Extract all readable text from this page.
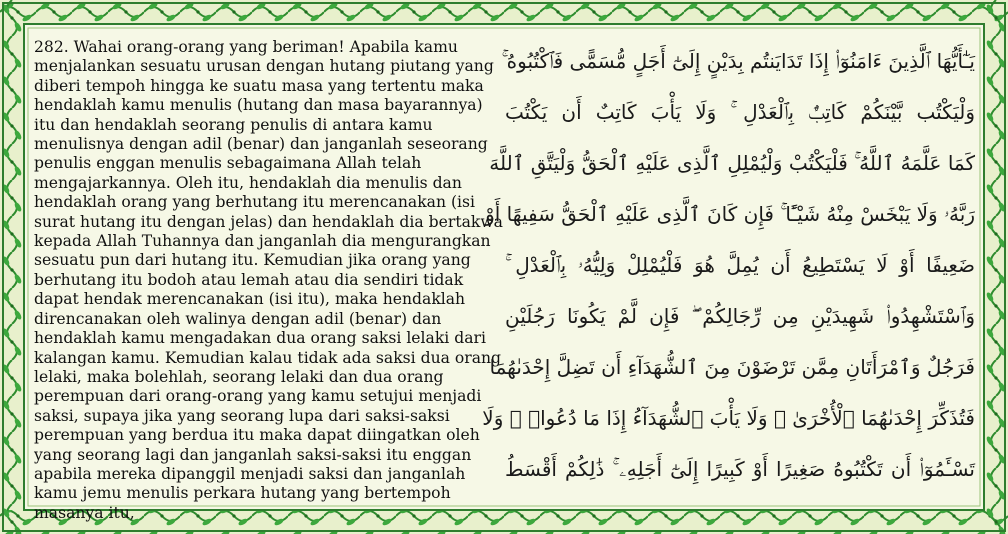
282. Wahai orang-orang yang beriman! Apabila kamu menjalankan sesuatu urusan dengan hutang piutang yang diberi tempoh hingga ke suatu masa yang tertentu maka hendaklah kamu menulis (hutang dan masa bayarannya) itu dan hendaklah seorang penulis di antara kamu menulisnya dengan adil (benar) dan janganlah seseorang penulis enggan menulis sebagaimana Allah telah mengajarkannya. Oleh itu, hendaklah dia menulis dan hendaklah orang yang berhutang itu merencanakan (isi surat hutang itu dengan jelas) dan hendaklah dia bertakwa kepada Allah Tuhannya dan janganlah dia mengurangkan sesuatu pun dari hutang itu. Kemudian jika orang yang berhutang itu bodoh atau lemah atau dia sendiri tidak dapat hendak merencanakan (isi itu), maka hendaklah direncanakan oleh walinya dengan adil (benar) dan hendaklah kamu mengadakan dua orang saksi lelaki dari kalangan kamu. Kemudian kalau tidak ada saksi dua orang lelaki, maka bolehlah, seorang lelaki dan dua orang perempuan dari orang-orang yang kamu setujui menjadi saksi, supaya jika yang seorang lupa dari saksi-saksi perempuan yang berdua itu maka dapat diingatkan oleh yang seorang lagi dan janganlah saksi-saksi itu enggan apabila mereka dipanggil menjadi saksi dan janganlah kamu jemu menulis perkara hutang yang bertempoh masanya itu,

يَـٰٓأَيُّهَا ٱلَّذِينَ ءَامَنُوٓا۟ إِذَا تَدَايَنتُم بِدَيْنٍ إِلَىٰٓ أَجَلٍ مُّسَمًّى فَٱكْتُبُوهُ ۚ
وَلْيَكْتُب بَّيْنَكُمْ كَاتِبٌۢ بِٱلْعَدْلِ ۚ وَلَا يَأْبَ كَاتِبٌ أَن يَكْتُبَ
كَمَا عَلَّمَهُ ٱللَّهُ ۚ فَلْيَكْتُبْ وَلْيُمْلِلِ ٱلَّذِى عَلَيْهِ ٱلْحَقُّ وَلْيَتَّقِ ٱللَّهَ
رَبَّهُۥ وَلَا يَبْخَسْ مِنْهُ شَيْـًٔا ۚ فَإِن كَانَ ٱلَّذِى عَلَيْهِ ٱلْحَقُّ سَفِيهًا أَوْ
ضَعِيفًا أَوْ لَا يَسْتَطِيعُ أَن يُمِلَّ هُوَ فَلْيُمْلِلْ وَلِيُّهُۥ بِٱلْعَدْلِ ۚ
وَٱسْتَشْهِدُوا۟ شَهِيدَيْنِ مِن رِّجَالِكُمْ ۖ فَإِن لَّمْ يَكُونَا رَجُلَيْنِ
فَرَجُلٌ وَٱمْرَأَتَانِ مِمَّن تَرْضَوْنَ مِنَ ٱلشُّهَدَآءِ أَن تَضِلَّ إِحْدَىٰهُمَا
فَتُذَكِّرَ إِحْدَىٰهُمَا ٱلْأُخْرَىٰ ۚ وَلَا يَأْبَ ٱلشُّهَدَآءُ إِذَا مَا دُعُوا۟ ۚ وَلَا
تَسْـَٔمُوٓا۟ أَن تَكْتُبُوهُ صَغِيرًا أَوْ كَبِيرًا إِلَىٰٓ أَجَلِهِۦ ۚ ذَٰلِكُمْ أَقْسَطُ
